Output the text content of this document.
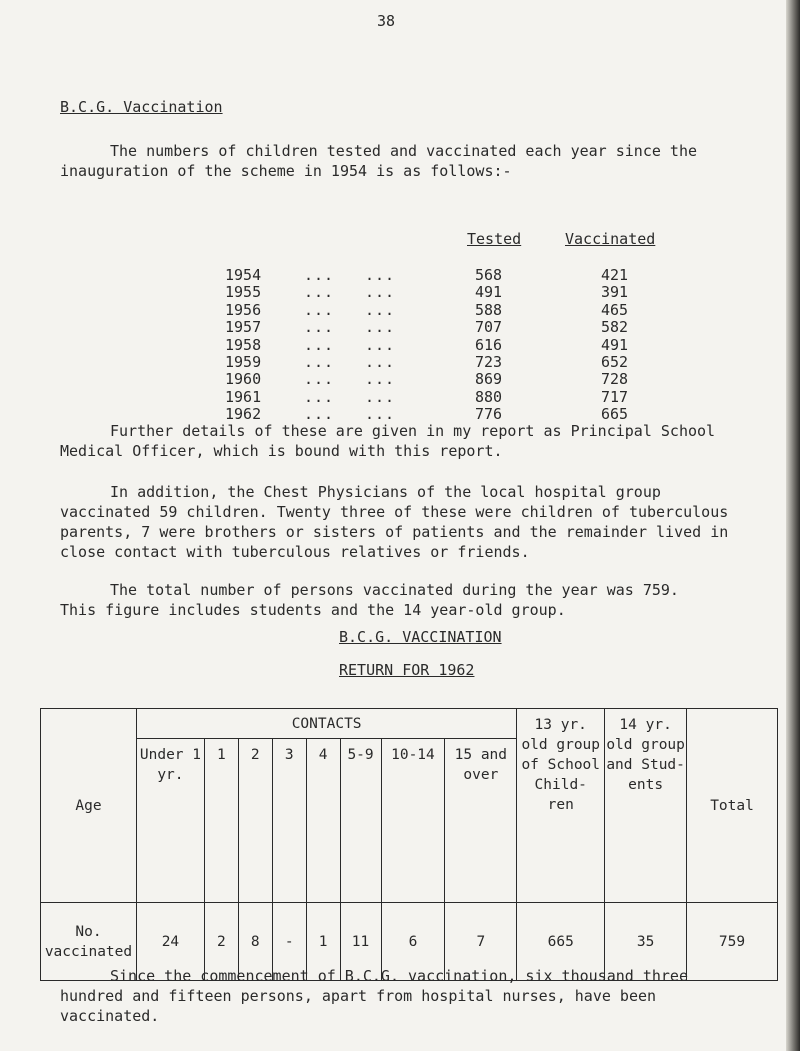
38
B.C.G. Vaccination
The numbers of children tested and vaccinated each year since the
inauguration of the scheme in 1954 is as follows:-
Tested	Vaccinated
1954	... ...	568	421
1955	... ...	491	391
1956	... ...	588	465
1957	... ...	707	582
1958	... ...	616	491
1959	... ...	723	652
1960	... ...	869	728
1961	... ...	880	717
1962	... ...	776	665
Further details of these are given in my report as Principal School
Medical Officer, which is bound with this report.
In addition, the Chest Physicians of the local hospital group
vaccinated 59 children. Twenty three of these were children of tuberculous
parents, 7 were brothers or sisters of patients and the remainder lived in
close contact with tuberculous relatives or friends.
The total number of persons vaccinated during the year was 759.
This figure includes students and the 14 year-old group.
B.C.G. VACCINATION
RETURN FOR 1962
Age	CONTACTS								13 yr. old group of School Child- ren	14 yr. old group and Stud- ents	Total
	Under 1 yr.	1	2	3	4	5-9	10-14	15 and over			
No. vaccinated	24	2	8	-	1	11	6	7	665	35	759
Since the commencement of B.C.G. vaccination, six thousand three
hundred and fifteen persons, apart from hospital nurses, have been
vaccinated.
